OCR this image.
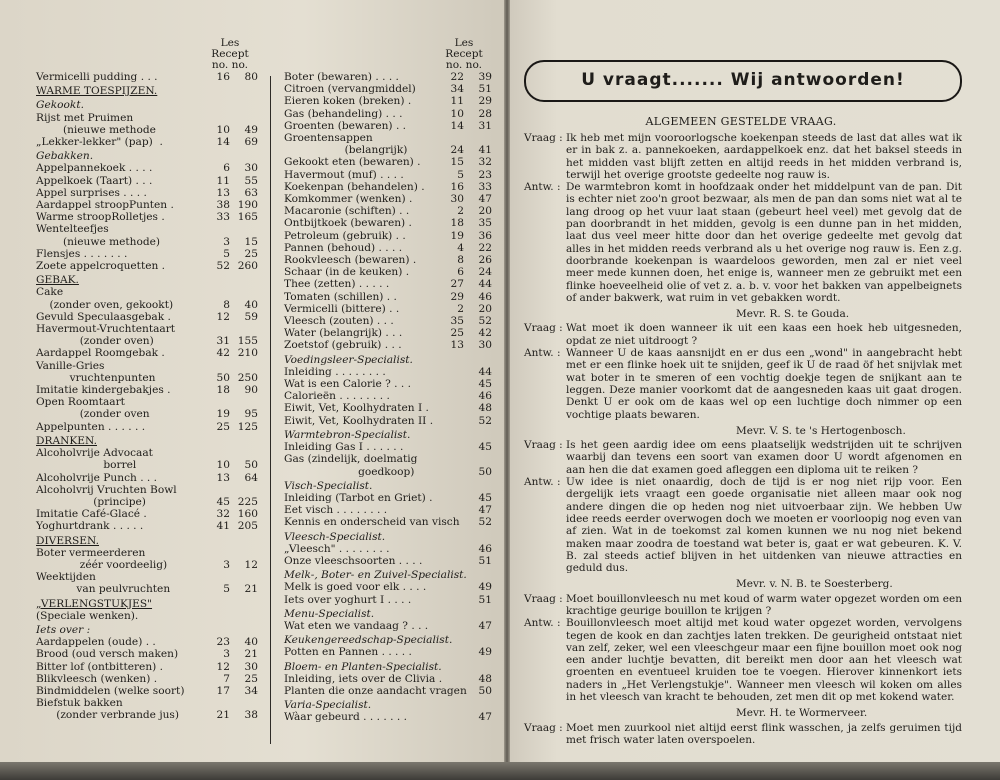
Les Recept
no. no.
Vermicelli pudding . . .	16	80
WARME TOESPIJZEN.
Gekookt.
Rijst met Pruimen
(nieuwe methode	10	49
„Lekker-lekker" (pap)  .	14	69
Gebakken.
Appelpannekoek . . . .	6	30
Appelkoek (Taart) . . .	11	55
Appel surprises . . . .	13	63
Aardappel stroopPunten .	38 190
Warme stroopRolletjes .	33 165
Wentelteefjes
(nieuwe methode)	3	15
Flensjes . . . . . . .	5	25
Zoete appelcroquetten .	52 260
GEBAK.
Cake
(zonder oven, gekookt)	8	40
Gevuld Speculaasgebak .	12	59
Havermout-Vruchtentaart
(zonder oven)	31 155
Aardappel Roomgebak .	42 210
Vanille-Gries
vruchtenpunten	50 250
Imitatie kindergebakjes .	18	90
Open Roomtaart
(zonder oven	19	95
Appelpunten . . . . . .	25 125
DRANKEN.
Alcoholvrije Advocaat
borrel	10	50
Alcoholvrije Punch . . .	13	64
Alcoholvrij Vruchten Bowl
(principe)	45 225
Imitatie Café-Glacé .	32 160
Yoghurtdrank . . . . .	41 205
DIVERSEN.
Boter vermeerderen
zéér voordeelig)	3	12
Weektijden
van peulvruchten	5	21
„VERLENGSTUKJES"
(Speciale wenken).
Iets over :
Aardappelen (oude) . .	23	40
Brood (oud versch maken)	3	21
Bitter lof (ontbitteren) .	12	30
Blikvleesch (wenken) .	7	25
Bindmiddelen (welke soort)	17	34
Biefstuk bakken
(zonder verbrande jus)	21	38
Les Recept
no. no.
Boter (bewaren) . . . .	22	39
Citroen (vervangmiddel)	34	51
Eieren koken (breken) .	11	29
Gas (behandeling) . . .	10	28
Groenten (bewaren) . .	14	31
Groentensappen
(belangrijk)	24	41
Gekookt eten (bewaren) .	15	32
Havermout (muf) . . . .	5	23
Koekenpan (behandelen) .	16	33
Komkommer (wenken) .	30	47
Macaronie (schiften) . .	2	20
Ontbijtkoek (bewaren) .	18	35
Petroleum (gebruik) . .	19	36
Pannen (behoud) . . . .	4	22
Rookvleesch (bewaren) .	8	26
Schaar (in de keuken) .	6	24
Thee (zetten) . . . . .	27	44
Tomaten (schillen) . .	29	46
Vermicelli (bittere) . .	2	20
Vleesch (zouten) . . .	35	52
Water (belangrijk) . . .	25	42
Zoetstof (gebruik) . . .	13	30
Voedingsleer-Specialist.
Inleiding . . . . . . . .	44
Wat is een Calorie ? . . .	45
Calorieën . . . . . . . .	46
Eiwit, Vet, Koolhydraten I .	48
Eiwit, Vet, Koolhydraten II .	52
Warmtebron-Specialist.
Inleiding Gas I . . . . . .	45
Gas (zindelijk, doelmatig
goedkoop)	50
Visch-Specialist.
Inleiding (Tarbot en Griet) .	45
Eet visch . . . . . . . .	47
Kennis en onderscheid van visch 52
Vleesch-Specialist.
„Vleesch" . . . . . . . .	46
Onze vleeschsoorten . . . .	51
Melk-, Boter- en Zuivel-Specialist.
Melk is goed voor elk . . . .	49
Iets over yoghurt I . . . .	51
Menu-Specialist.
Wat eten we vandaag ? . . .	47
Keukengereedschap-Specialist.
Potten en Pannen . . . . .	49
Bloem- en Planten-Specialist.
Inleiding, iets over de Clivia .	48
Planten die onze aandacht vragen 50
Varia-Specialist.
Wàar gebeurd . . . . . . .	47
U vraagt....... Wij antwoorden!
ALGEMEEN GESTELDE VRAAG.
Vraag : Ik heb met mijn vooroorlogsche koekenpan steeds de last dat alles wat ik er in bak z. a. pannekoeken, aardappelkoek enz. dat het baksel steeds in het midden vast blijft zetten en altijd reeds in het midden verbrand is, terwijl het overige grootste gedeelte nog rauw is.
Antw. : De warmtebron komt in hoofdzaak onder het middelpunt van de pan. Dit is echter niet zoo'n groot bezwaar, als men de pan dan soms niet wat al te lang droog op het vuur laat staan (gebeurt heel veel) met gevolg dat de pan doorbrandt in het midden, gevolg is een dunne pan in het midden, laat dus veel meer hitte door dan het overige gedeelte met gevolg dat alles in het midden reeds verbrand als u het overige nog rauw is. Een z.g. doorbrande koekenpan is waardeloos geworden, men zal er niet veel meer mede kunnen doen, het enige is, wanneer men ze gebruikt met een flinke hoeveelheid olie of vet z. a. b. v. voor het bakken van appelbeignets of ander bakwerk, wat ruim in vet gebakken wordt.
Mevr. R. S. te Gouda.
Vraag : Wat moet ik doen wanneer ik uit een kaas een hoek heb uitgesneden, opdat ze niet uitdroogt ?
Antw. : Wanneer U de kaas aansnijdt en er dus een „wond" in aangebracht hebt met er een flinke hoek uit te snijden, geef ik U de raad öf het snijvlak met wat boter in te smeren of een vochtig doekje tegen de snijkant aan te leggen. Deze manier voorkomt dat de aangesneden kaas uit gaat drogen. Denkt U er ook om de kaas wel op een luchtige doch nimmer op een vochtige plaats bewaren.
Mevr. V. S. te 's Hertogenbosch.
Vraag : Is het geen aardig idee om eens plaatselijk wedstrijden uit te schrijven waarbij dan tevens een soort van examen door U wordt afgenomen en aan hen die dat examen goed afleggen een diploma uit te reiken ?
Antw. : Uw idee is niet onaardig, doch de tijd is er nog niet rijp voor. Een dergelijk iets vraagt een goede organisatie niet alleen maar ook nog andere dingen die op heden nog niet uitvoerbaar zijn. We hebben Uw idee reeds eerder overwogen doch we moeten er voorloopig nog even van af zien. Wat in de toekomst zal komen kunnen we nu nog niet bekend maken maar zoodra de toestand wat beter is, gaat er wat gebeuren. K. V. B. zal steeds actief blijven in het uitdenken van nieuwe attracties en geduld dus.
Mevr. v. N. B. te Soesterberg.
Vraag : Moet bouillonvleesch nu met koud of warm water opgezet worden om een krachtige geurige bouillon te krijgen ?
Antw. : Bouillonvleesch moet altijd met koud water opgezet worden, vervolgens tegen de kook en dan zachtjes laten trekken. De geurigheid ontstaat niet van zelf, zeker, wel een vleeschgeur maar een fijne bouillon moet ook nog een ander luchtje bevatten, dit bereikt men door aan het vleesch wat groenten en eventueel kruiden toe te voegen. Hierover kinnenkort iets naders in „Het Verlengstukje". Wanneer men vleesch wil koken om alles in het vleesch van kracht te behouden, zet men dit op met kokend water.
Mevr. H. te Wormerveer.
Vraag : Moet men zuurkool niet altijd eerst flink wasschen, ja zelfs geruimen tijd met frisch water laten overspoelen.
